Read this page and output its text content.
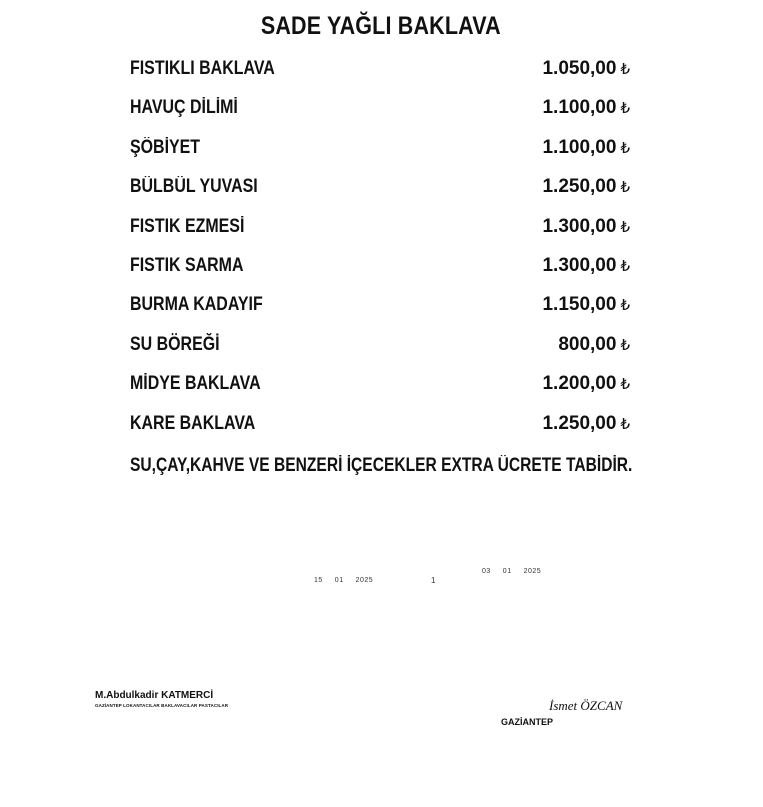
SADE YAĞLI BAKLAVA
FISTIKLI BAKLAVA	1.050,00 ₺
HAVUÇ DİLİMİ	1.100,00 ₺
ŞÖBİYET	1.100,00 ₺
BÜLBÜL YUVASI	1.250,00 ₺
FISTIK EZMESİ	1.300,00 ₺
FISTIK SARMA	1.300,00 ₺
BURMA KADAYIF	1.150,00 ₺
SU BÖREĞİ	800,00 ₺
MİDYE BAKLAVA	1.200,00 ₺
KARE BAKLAVA	1.250,00 ₺
SU,ÇAY,KAHVE VE BENZERİ İÇECEKLER EXTRA ÜCRETE TABİDİR.
15 01 2025	1
03 01 2025
M.Abdulkadir KATMERCİ
GAZİANTEP LOKANTACILAR BAKLAVACILAR PASTACILAR	İsmet ÖZCAN
GAZİANTEP
